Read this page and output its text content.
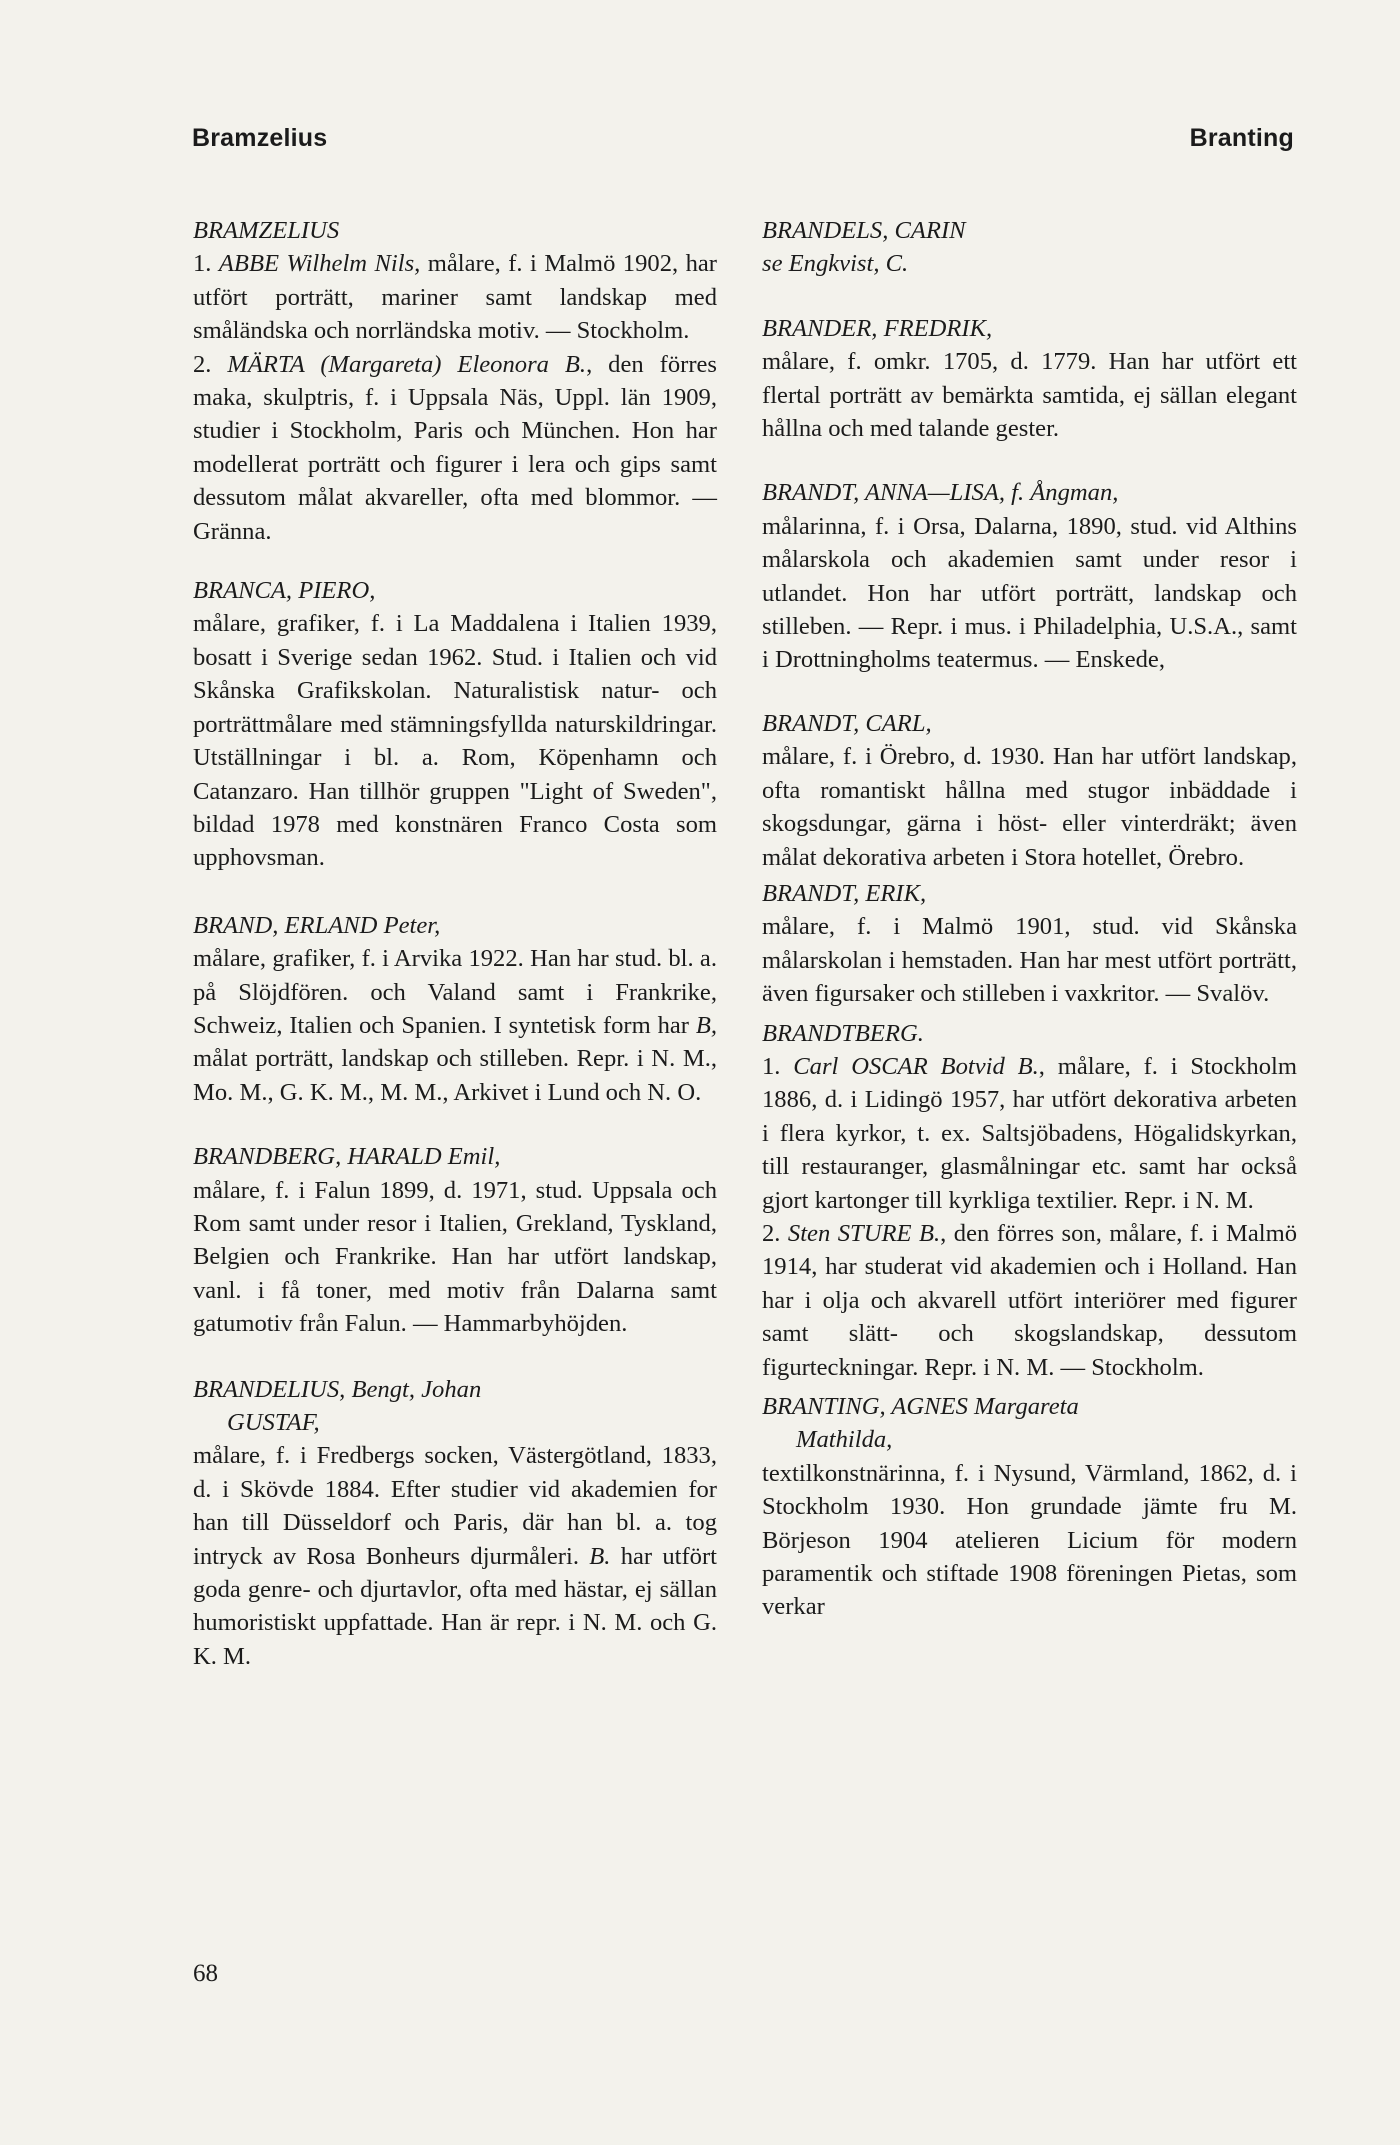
Bramzelius	Branting
BRAMZELIUS

1. ABBE Wilhelm Nils, målare, f. i Malmö 1902, har utfört porträtt, mariner samt landskap med småländska och norrländska motiv. — Stockholm.

2. MÄRTA (Margareta) Eleonora B., den förres maka, skulptris, f. i Uppsala Näs, Uppl. län 1909, studier i Stockholm, Paris och München. Hon har modellerat porträtt och figurer i lera och gips samt dessutom målat akvareller, ofta med blommor. — Gränna.

BRANCA, PIERO,

målare, grafiker, f. i La Maddalena i Italien 1939, bosatt i Sverige sedan 1962. Stud. i Italien och vid Skånska Grafikskolan. Naturalistisk natur- och porträttmålare med stämningsfyllda naturskildringar. Utställningar i bl. a. Rom, Köpenhamn och Catanzaro. Han tillhör gruppen "Light of Sweden", bildad 1978 med konstnären Franco Costa som upphovsman.

BRAND, ERLAND Peter,

målare, grafiker, f. i Arvika 1922. Han har stud. bl. a. på Slöjdfören. och Valand samt i Frankrike, Schweiz, Italien och Spanien. I syntetisk form har B, målat porträtt, landskap och stilleben. Repr. i N. M., Mo. M., G. K. M., M. M., Arkivet i Lund och N. O.

BRANDBERG, HARALD Emil,

målare, f. i Falun 1899, d. 1971, stud. Uppsala och Rom samt under resor i Italien, Grekland, Tyskland, Belgien och Frankrike. Han har utfört landskap, vanl. i få toner, med motiv från Dalarna samt gatumotiv från Falun. — Hammarbyhöjden.

BRANDELIUS, Bengt, Johan
GUSTAF,

målare, f. i Fredbergs socken, Västergötland, 1833, d. i Skövde 1884. Efter studier vid akademien for han till Düsseldorf och Paris, där han bl. a. tog intryck av Rosa Bonheurs djurmåleri. B. har utfört goda genre- och djurtavlor, ofta med hästar, ej sällan humoristiskt uppfattade. Han är repr. i N. M. och G. K. M.

BRANDELS, CARIN

se Engkvist, C.

BRANDER, FREDRIK,

målare, f. omkr. 1705, d. 1779. Han har utfört ett flertal porträtt av bemärkta samtida, ej sällan elegant hållna och med talande gester.

BRANDT, ANNA—LISA, f. Ångman,

målarinna, f. i Orsa, Dalarna, 1890, stud. vid Althins målarskola och akademien samt under resor i utlandet. Hon har utfört porträtt, landskap och stilleben. — Repr. i mus. i Philadelphia, U.S.A., samt i Drottningholms teatermus. — Enskede,

BRANDT, CARL,

målare, f. i Örebro, d. 1930. Han har utfört landskap, ofta romantiskt hållna med stugor inbäddade i skogsdungar, gärna i höst- eller vinterdräkt; även målat dekorativa arbeten i Stora hotellet, Örebro.

BRANDT, ERIK,

målare, f. i Malmö 1901, stud. vid Skånska målarskolan i hemstaden. Han har mest utfört porträtt, även figursaker och stilleben i vaxkritor. — Svalöv.

BRANDTBERG.

1. Carl OSCAR Botvid B., målare, f. i Stockholm 1886, d. i Lidingö 1957, har utfört dekorativa arbeten i flera kyrkor, t. ex. Saltsjöbadens, Högalidskyrkan, till restauranger, glasmålningar etc. samt har också gjort kartonger till kyrkliga textilier. Repr. i N. M.

2. Sten STURE B., den förres son, målare, f. i Malmö 1914, har studerat vid akademien och i Holland. Han har i olja och akvarell utfört interiörer med figurer samt slätt- och skogslandskap, dessutom figurteckningar. Repr. i N. M. — Stockholm.

BRANTING, AGNES Margareta
Mathilda,

textilkonstnärinna, f. i Nysund, Värmland, 1862, d. i Stockholm 1930. Hon grundade jämte fru M. Börjeson 1904 atelieren Licium för modern paramentik och stiftade 1908 föreningen Pietas, som verkar

68
